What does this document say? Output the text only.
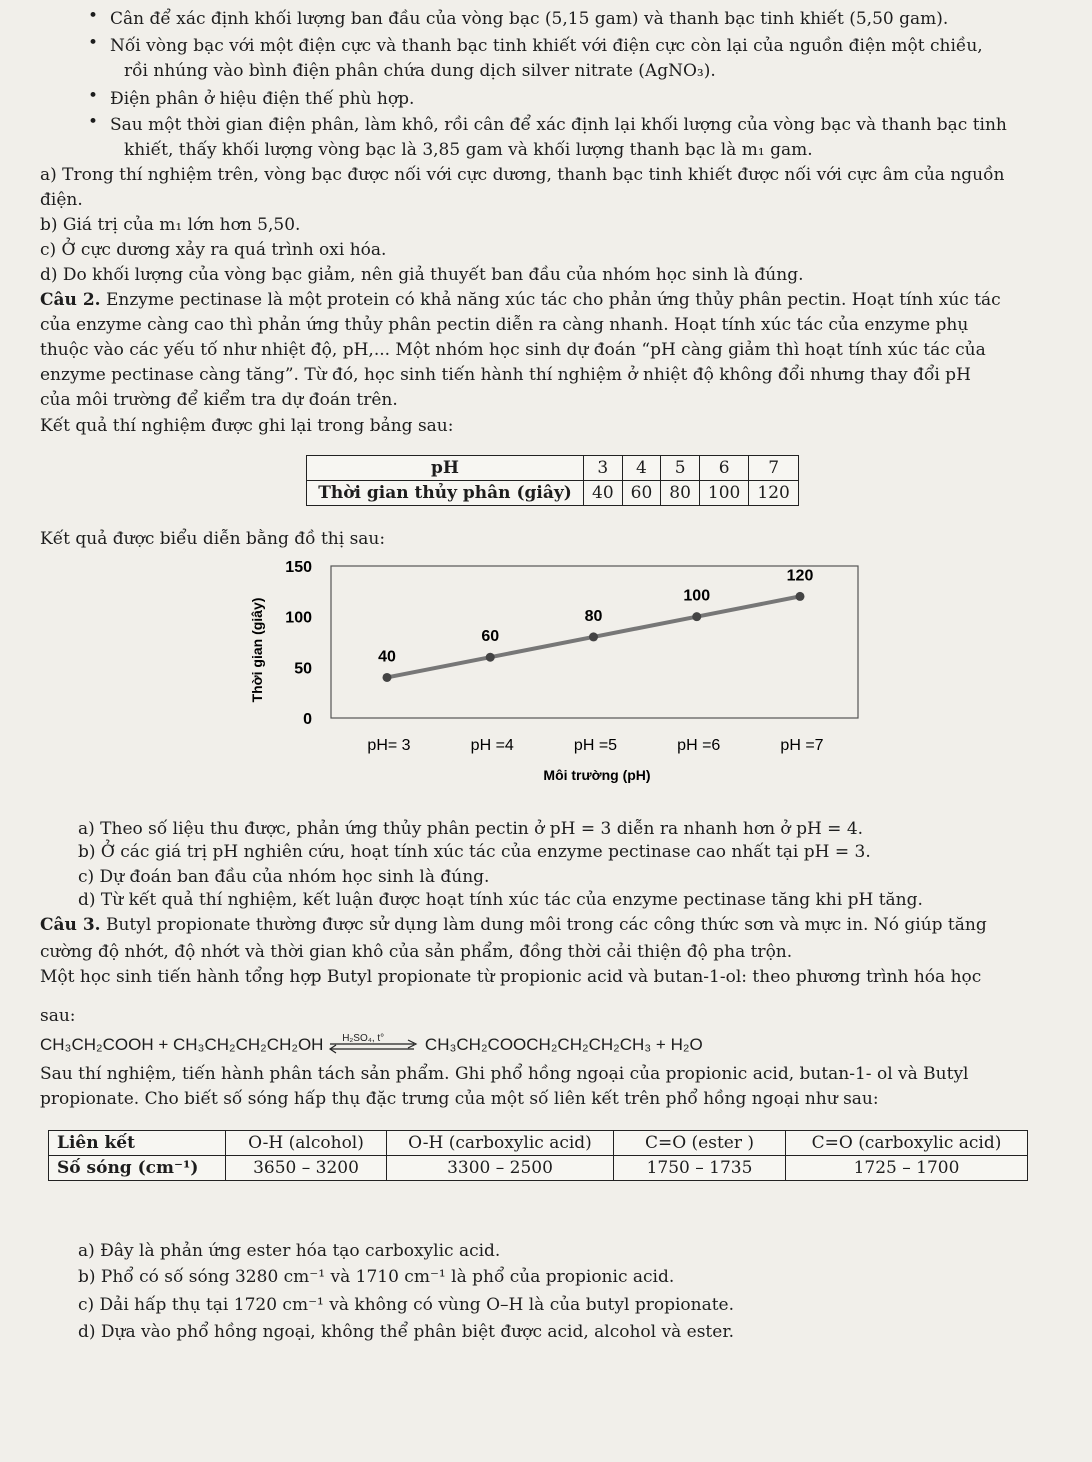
• Cân để xác định khối lượng ban đầu của vòng bạc (5,15 gam) và thanh bạc tinh khiết (5,50 gam).
• Nối vòng bạc với một điện cực và thanh bạc tinh khiết với điện cực còn lại của nguồn điện một chiều,
rồi nhúng vào bình điện phân chứa dung dịch silver nitrate (AgNO₃).
• Điện phân ở hiệu điện thế phù hợp.
• Sau một thời gian điện phân, làm khô, rồi cân để xác định lại khối lượng của vòng bạc và thanh bạc tinh
khiết, thấy khối lượng vòng bạc là 3,85 gam và khối lượng thanh bạc là m₁ gam.
a) Trong thí nghiệm trên, vòng bạc được nối với cực dương, thanh bạc tinh khiết được nối với cực âm của nguồn
điện.
b) Giá trị của m₁ lớn hơn 5,50.
c) Ở cực dương xảy ra quá trình oxi hóa.
d) Do khối lượng của vòng bạc giảm, nên giả thuyết ban đầu của nhóm học sinh là đúng.
Câu 2. Enzyme pectinase là một protein có khả năng xúc tác cho phản ứng thủy phân pectin. Hoạt tính xúc tác
của enzyme càng cao thì phản ứng thủy phân pectin diễn ra càng nhanh. Hoạt tính xúc tác của enzyme phụ
thuộc vào các yếu tố như nhiệt độ, pH,... Một nhóm học sinh dự đoán “pH càng giảm thì hoạt tính xúc tác của
enzyme pectinase càng tăng”. Từ đó, học sinh tiến hành thí nghiệm ở nhiệt độ không đổi nhưng thay đổi pH
của môi trường để kiểm tra dự đoán trên.
Kết quả thí nghiệm được ghi lại trong bảng sau:
pH	3	4	5	6	7
Thời gian thủy phân (giây)	40	60	80	100	120
Kết quả được biểu diễn bằng đồ thị sau:
0
50
100
150
Thời gian (giây)	40
60
80
100
120
pH= 3	pH =4	pH =5	pH =6	pH =7
Môi trường (pH)
a) Theo số liệu thu được, phản ứng thủy phân pectin ở pH = 3 diễn ra nhanh hơn ở pH = 4.
b) Ở các giá trị pH nghiên cứu, hoạt tính xúc tác của enzyme pectinase cao nhất tại pH = 3.
c) Dự đoán ban đầu của nhóm học sinh là đúng.
d) Từ kết quả thí nghiệm, kết luận được hoạt tính xúc tác của enzyme pectinase tăng khi pH tăng.
Câu 3. Butyl propionate thường được sử dụng làm dung môi trong các công thức sơn và mực in. Nó giúp tăng
cường độ nhớt, độ nhớt và thời gian khô của sản phẩm, đồng thời cải thiện độ pha trộn.
Một học sinh tiến hành tổng hợp Butyl propionate từ propionic acid và butan-1-ol: theo phương trình hóa học
sau:
CH₃CH₂COOH + CH₃CH₂CH₂CH₂OH H₂SO₄, t° CH₃CH₂COOCH₂CH₂CH₂CH₃ + H₂O
Sau thí nghiệm, tiến hành phân tách sản phẩm. Ghi phổ hồng ngoại của propionic acid, butan-1- ol và Butyl
propionate. Cho biết số sóng hấp thụ đặc trưng của một số liên kết trên phổ hồng ngoại như sau:
Liên kết	O-H (alcohol)	O-H (carboxylic acid)	C=O (ester )	C=O (carboxylic acid)
Số sóng (cm⁻¹)	3650 – 3200	3300 – 2500	1750 – 1735	1725 – 1700
a) Đây là phản ứng ester hóa tạo carboxylic acid.
b) Phổ có số sóng 3280 cm⁻¹ và 1710 cm⁻¹ là phổ của propionic acid.
c) Dải hấp thụ tại 1720 cm⁻¹ và không có vùng O–H là của butyl propionate.
d) Dựa vào phổ hồng ngoại, không thể phân biệt được acid, alcohol và ester.
